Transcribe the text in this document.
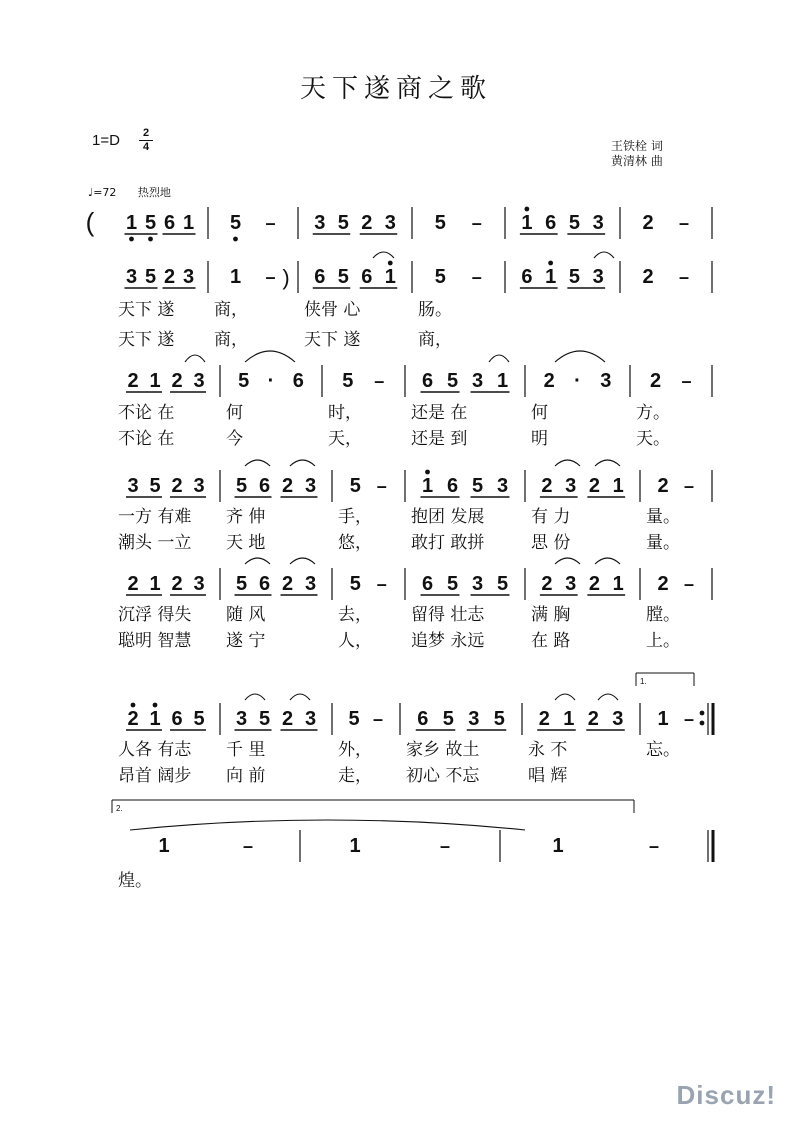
天下遂商之歌
1=D	2
4	王铁栓 词
黄清林 曲
♩=72 热烈地
( 1 5 6 1 5 – 3 5 2 3 5 – 1 6 5 3 2 –
)
3 5 2 3
天下 遂
天下 遂
1 –
商，
商，
6 5 6 1
侠骨 心
天下 遂
5 –
肠。
商，
6 1 5 3 2 –
2 1 2 3
不论 在
不论 在
5 · 6
何
今
5 –
时，
天，
6 5 3 1
还是 在
还是 到
2 · 3
何
明
2 –
方。
天。
3 5 2 3
一方 有难
潮头 一立
5 6 2 3
齐 伸
天 地
5 –
手，
悠，
1 6 5 3
抱团 发展
敢打 敢拼
2 3 2 1
有 力
思 份
2 –
量。
量。
2 1 2 3
沉浮 得失
聪明 智慧
5 6 2 3
随 风
遂 宁
5 –
去，
人，
6 5 3 5
留得 壮志
追梦 永远
2 3 2 1
满 胸
在 路
2 –
膛。
上。
2 1 6 5
人各 有志
昂首 阔步
3 5 2 3
千 里
向 前
5 –
外，
走，
6 5 3 5
家乡 故土
初心 不忘
2 1 2 3
永 不
唱 辉
1 –
忘。
1	–
煌。
1	–	1	–
1.
2.
Discuz!
